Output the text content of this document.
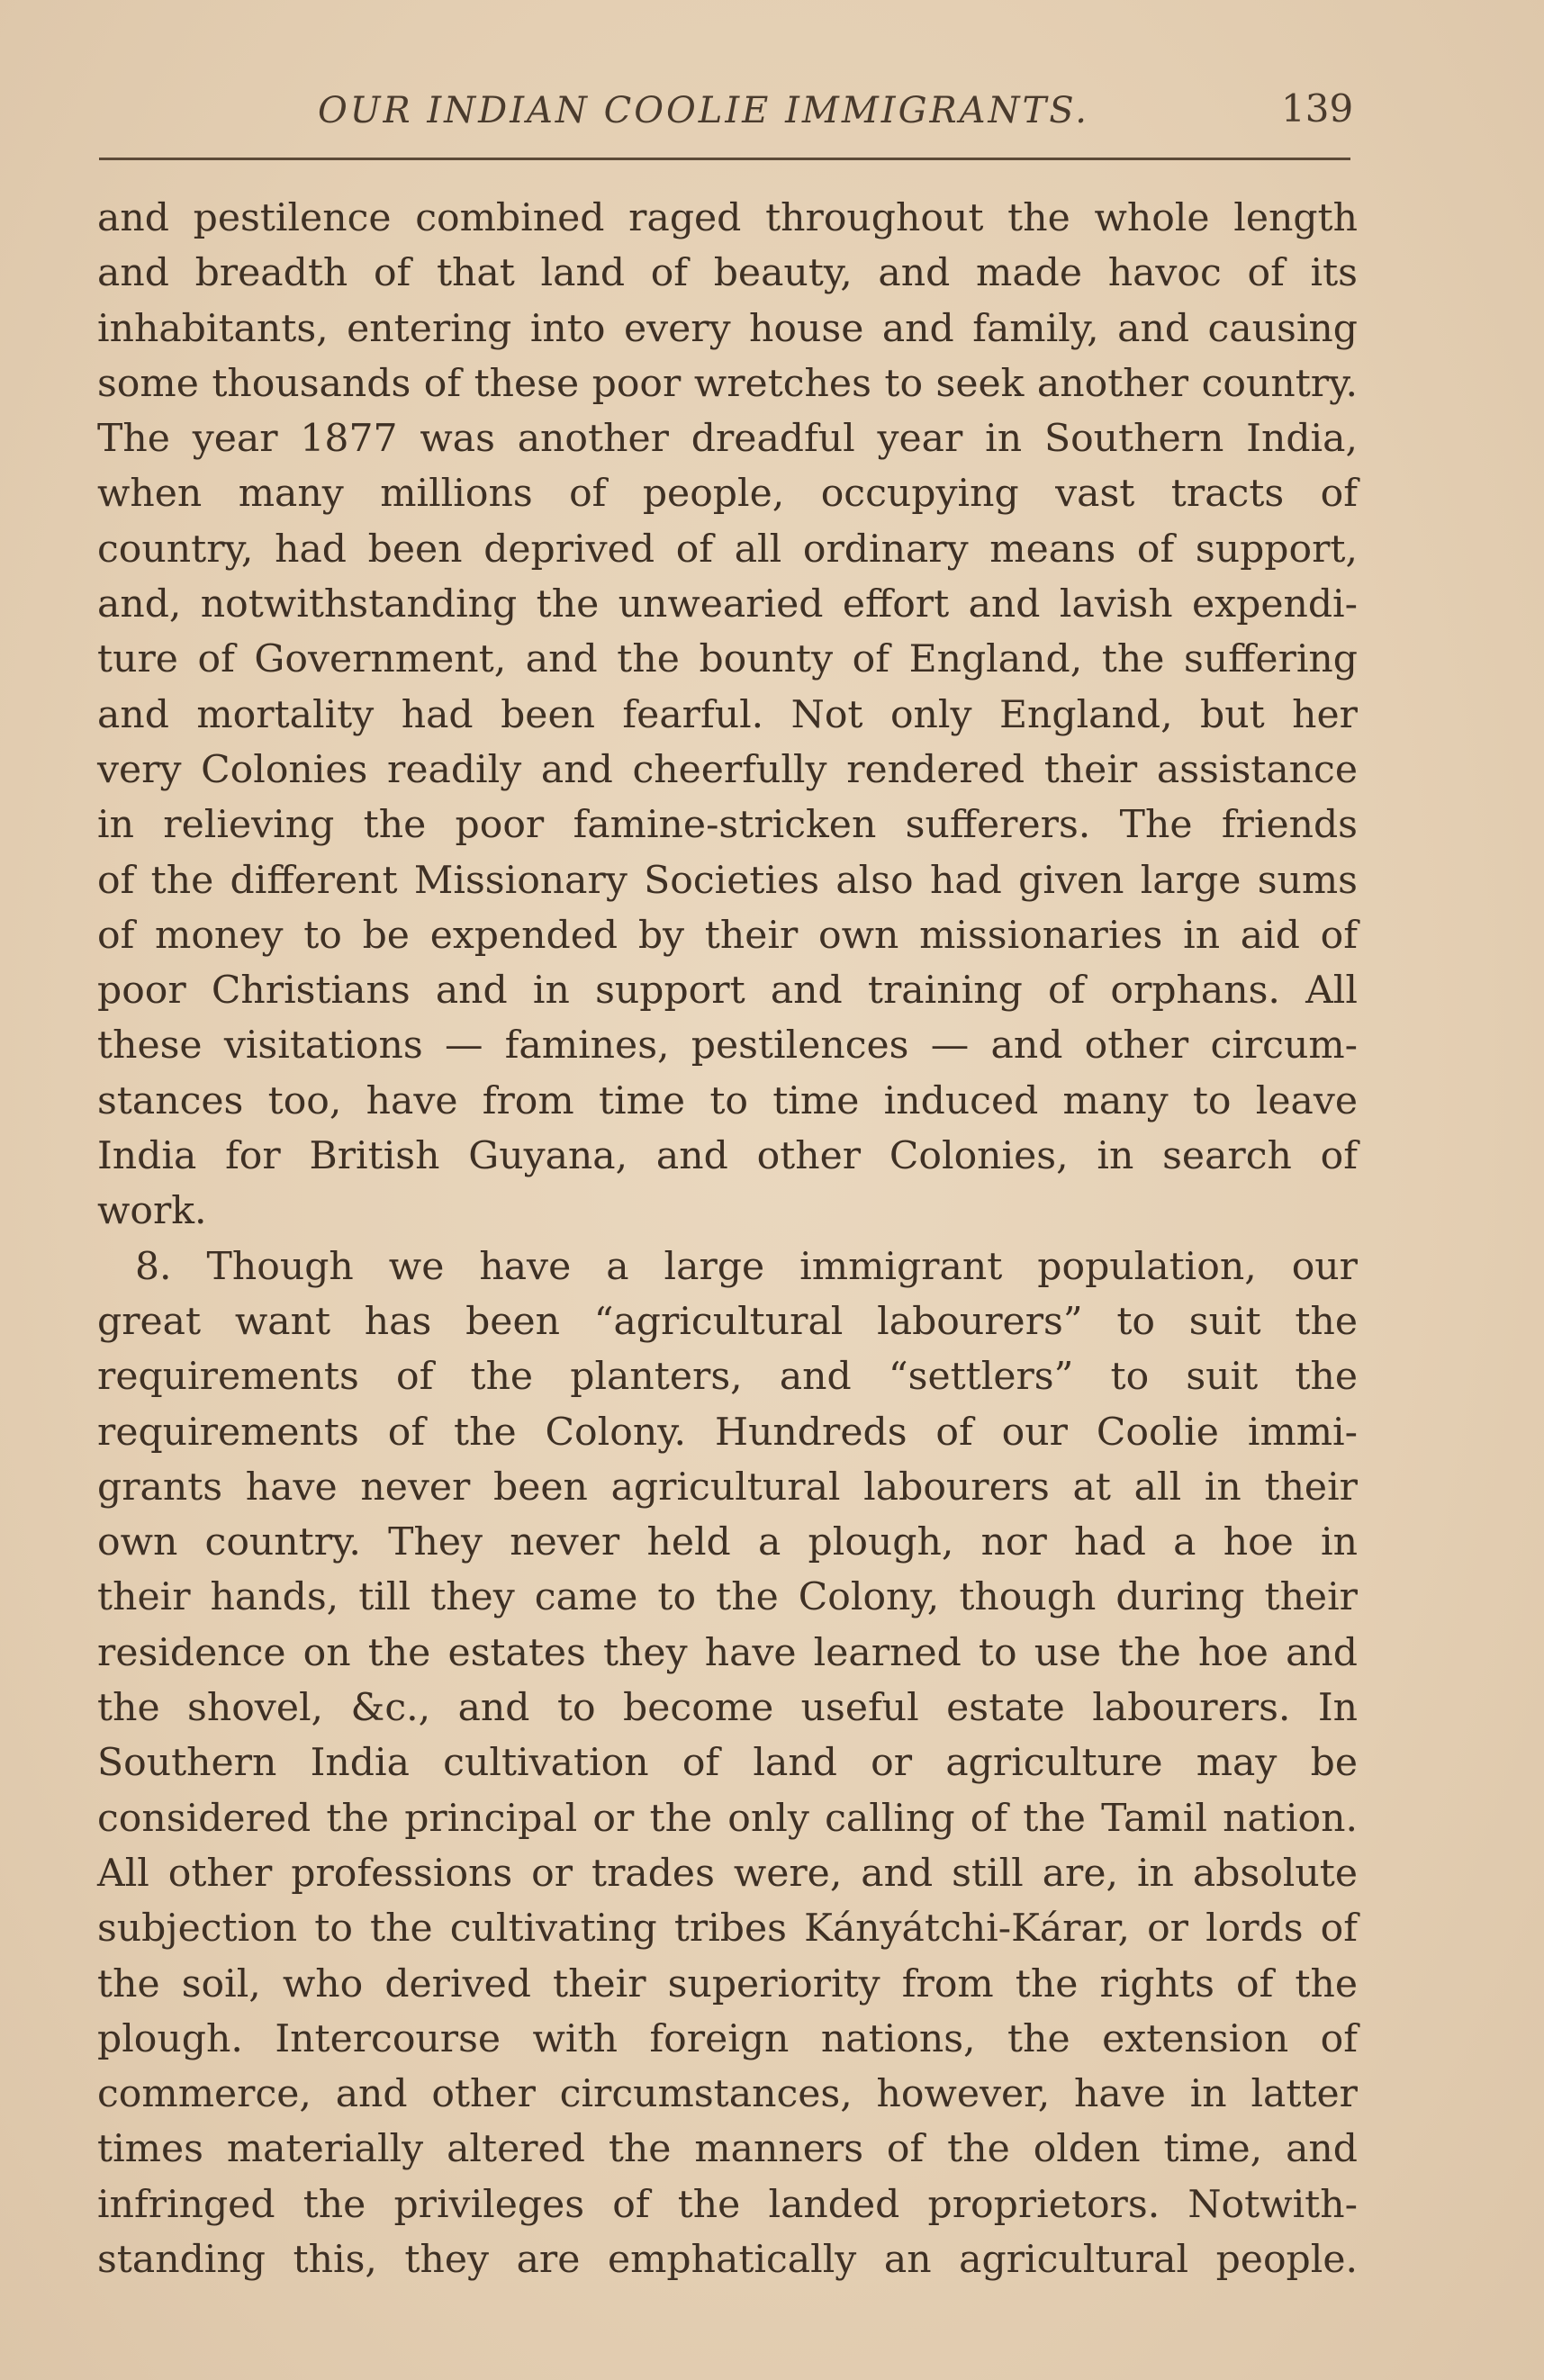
OUR INDIAN COOLIE IMMIGRANTS.	139
and pestilence combined raged throughout the whole length
and breadth of that land of beauty, and made havoc of its
inhabitants, entering into every house and family, and causing
some thousands of these poor wretches to seek another country.
The year 1877 was another dreadful year in Southern India,
when many millions of people, occupying vast tracts of
country, had been deprived of all ordinary means of support,
and, notwithstanding the unwearied effort and lavish expendi-
ture of Government, and the bounty of England, the suffering
and mortality had been fearful. Not only England, but her
very Colonies readily and cheerfully rendered their assistance
in relieving the poor famine-stricken sufferers. The friends
of the different Missionary Societies also had given large sums
of money to be expended by their own missionaries in aid of
poor Christians and in support and training of orphans. All
these visitations — famines, pestilences — and other circum-
stances too, have from time to time induced many to leave
India for British Guyana, and other Colonies, in search of
work.
8. Though we have a large immigrant population, our
great want has been “agricultural labourers” to suit the
requirements of the planters, and “settlers” to suit the
requirements of the Colony. Hundreds of our Coolie immi-
grants have never been agricultural labourers at all in their
own country. They never held a plough, nor had a hoe in
their hands, till they came to the Colony, though during their
residence on the estates they have learned to use the hoe and
the shovel, &c., and to become useful estate labourers. In
Southern India cultivation of land or agriculture may be
considered the principal or the only calling of the Tamil nation.
All other professions or trades were, and still are, in absolute
subjection to the cultivating tribes Kányátchi-Kárar, or lords of
the soil, who derived their superiority from the rights of the
plough. Intercourse with foreign nations, the extension of
commerce, and other circumstances, however, have in latter
times materially altered the manners of the olden time, and
infringed the privileges of the landed proprietors. Notwith-
standing this, they are emphatically an agricultural people.
